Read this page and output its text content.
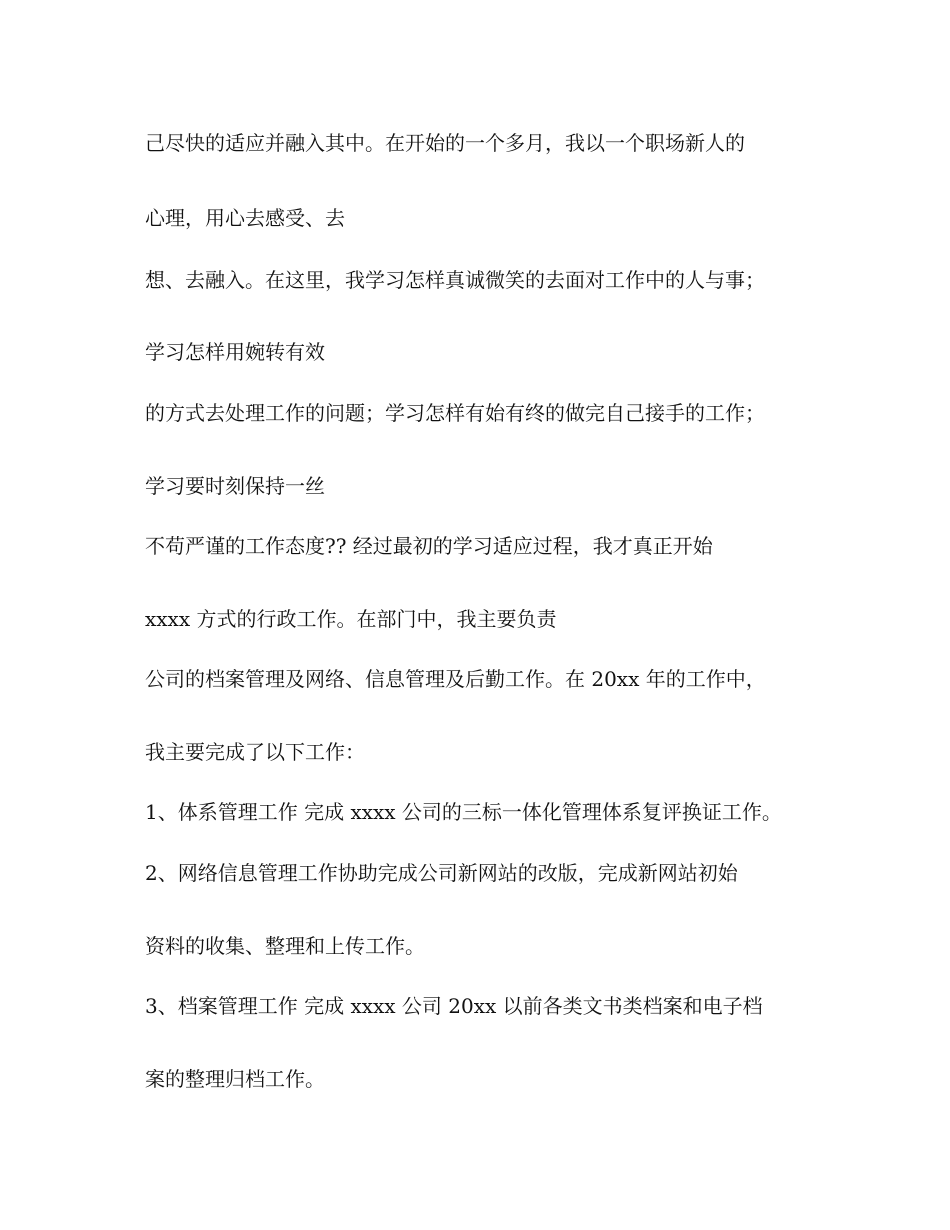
己尽快的适应并融入其中。在开始的一个多月，我以一个职场新人的

心理，用心去感受、去

想、去融入。在这里，我学习怎样真诚微笑的去面对工作中的人与事；

学习怎样用婉转有效

的方式去处理工作的问题；学习怎样有始有终的做完自己接手的工作；

学习要时刻保持一丝

不苟严谨的工作态度?? 经过最初的学习适应过程，我才真正开始

xxxx 方式的行政工作。在部门中，我主要负责

公司的档案管理及网络、信息管理及后勤工作。在 20xx 年的工作中，

我主要完成了以下工作：

1、体系管理工作 完成 xxxx 公司的三标一体化管理体系复评换证工作。

2、网络信息管理工作协助完成公司新网站的改版，完成新网站初始

资料的收集、整理和上传工作。

3、档案管理工作 完成 xxxx 公司 20xx 以前各类文书类档案和电子档

案的整理归档工作。
